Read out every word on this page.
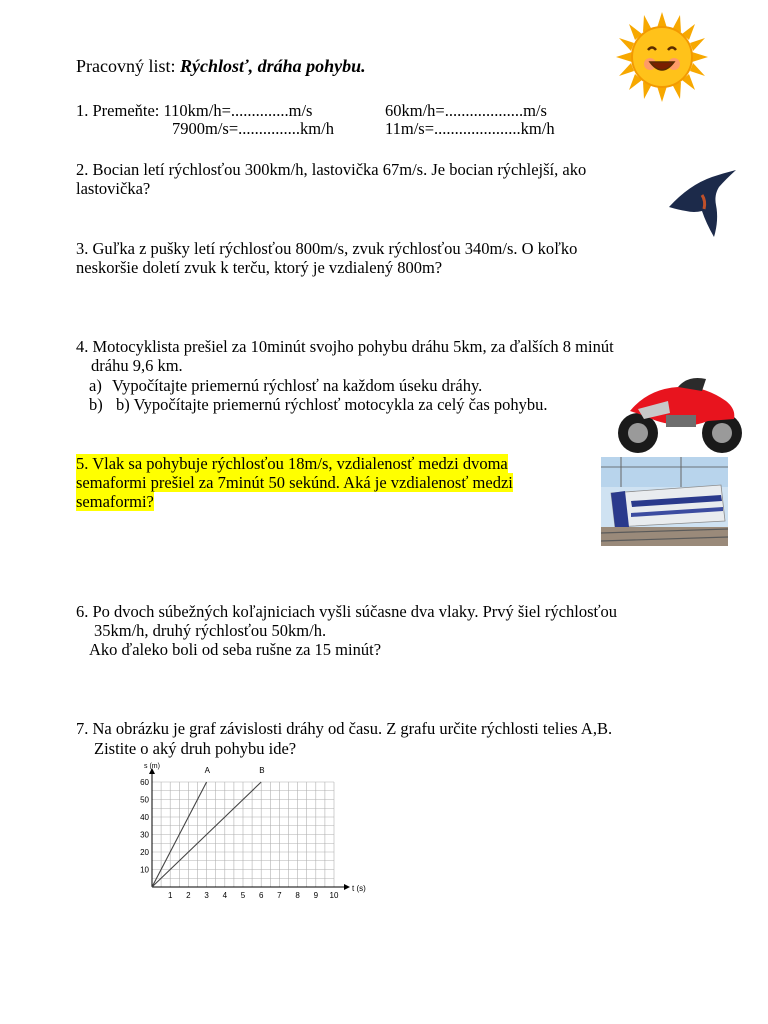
Pracovný list: Rýchlosť, dráha pohybu.
1. Premeňte: 110km/h=..............m/s	60km/h=...................m/s
7900m/s=...............km/h	11m/s=.....................km/h
2. Bocian letí rýchlosťou 300km/h, lastovička 67m/s. Je bocian rýchlejší, ako
lastovička?
3. Guľka z pušky letí rýchlosťou 800m/s, zvuk rýchlosťou 340m/s. O koľko
neskoršie doletí zvuk k terču, ktorý je vzdialený 800m?
4. Motocyklista prešiel za 10minút svojho pohybu dráhu 5km, za ďalších 8 minút
dráhu 9,6 km.
a) Vypočítajte priemernú rýchlosť na každom úseku dráhy.
b) b) Vypočítajte priemernú rýchlosť motocykla za celý čas pohybu.
5. Vlak sa pohybuje rýchlosťou 18m/s, vzdialenosť medzi dvoma
semaformi prešiel za 7minút 50 sekúnd. Aká je vzdialenosť medzi
semaformi?
6. Po dvoch súbežných koľajniciach vyšli súčasne dva vlaky. Prvý šiel rýchlosťou
35km/h, druhý rýchlosťou 50km/h.
Ako ďaleko boli od seba rušne za 15 minút?
7. Na obrázku je graf závislosti dráhy od času. Z grafu určite rýchlosti telies A,B.
Zistite o aký druh pohybu ide?
1 2 3 4 5 6 7 8 9 10
10
20
30
40
50
60
t (s)
s (m)	A	B
